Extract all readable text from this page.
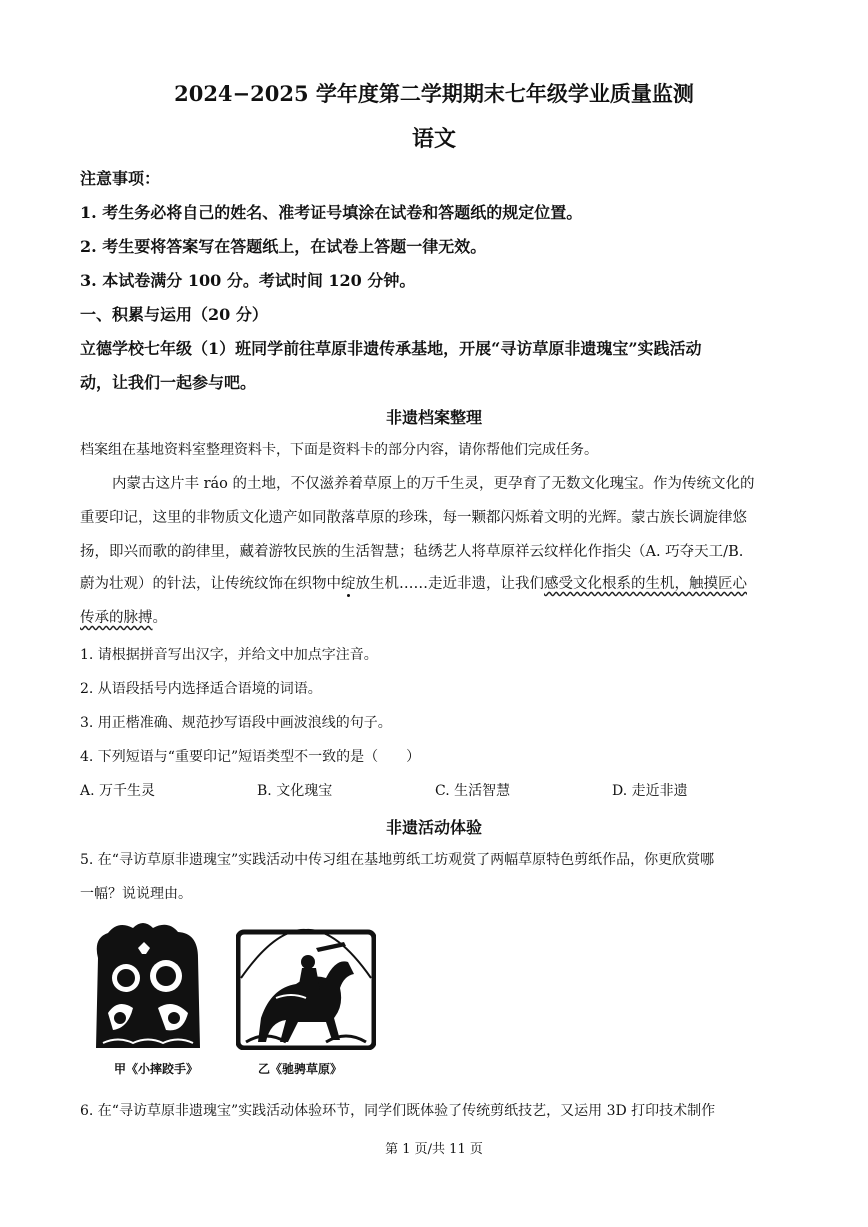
2024−2025 学年度第二学期期末七年级学业质量监测
语文
注意事项：
1. 考生务必将自己的姓名、准考证号填涂在试卷和答题纸的规定位置。
2. 考生要将答案写在答题纸上，在试卷上答题一律无效。
3. 本试卷满分 100 分。考试时间 120 分钟。
一、积累与运用（20 分）
立德学校七年级（1）班同学前往草原非遗传承基地，开展“寻访草原非遗瑰宝”实践活动
动，让我们一起参与吧。
非遗档案整理
档案组在基地资料室整理资料卡，下面是资料卡的部分内容，请你帮他们完成任务。
内蒙古这片丰 ráo 的土地，不仅滋养着草原上的万千生灵，更孕育了无数文化瑰宝。作为传统文化的
重要印记，这里的非物质文化遗产如同散落草原的珍珠，每一颗都闪烁着文明的光辉。蒙古族长调旋律悠
扬，即兴而歌的韵律里，藏着游牧民族的生活智慧；毡绣艺人将草原祥云纹样化作指尖（A. 巧夺天工/B.
蔚为壮观）的针法，让传统纹饰在织物中绽放生机……走近非遗，让我们感受文化根系的生机，触摸匠心
传承的脉搏。
1. 请根据拼音写出汉字，并给文中加点字注音。
2. 从语段括号内选择适合语境的词语。
3. 用正楷准确、规范抄写语段中画波浪线的句子。
4. 下列短语与“重要印记”短语类型不一致的是（　　）
A. 万千生灵	B. 文化瑰宝	C. 生活智慧	D. 走近非遗
非遗活动体验
5. 在“寻访草原非遗瑰宝”实践活动中传习组在基地剪纸工坊观赏了两幅草原特色剪纸作品，你更欣赏哪
一幅？说说理由。
甲《小摔跤手》	乙《驰骋草原》
6. 在“寻访草原非遗瑰宝”实践活动体验环节，同学们既体验了传统剪纸技艺，又运用 3D 打印技术制作
第 1 页/共 11 页
